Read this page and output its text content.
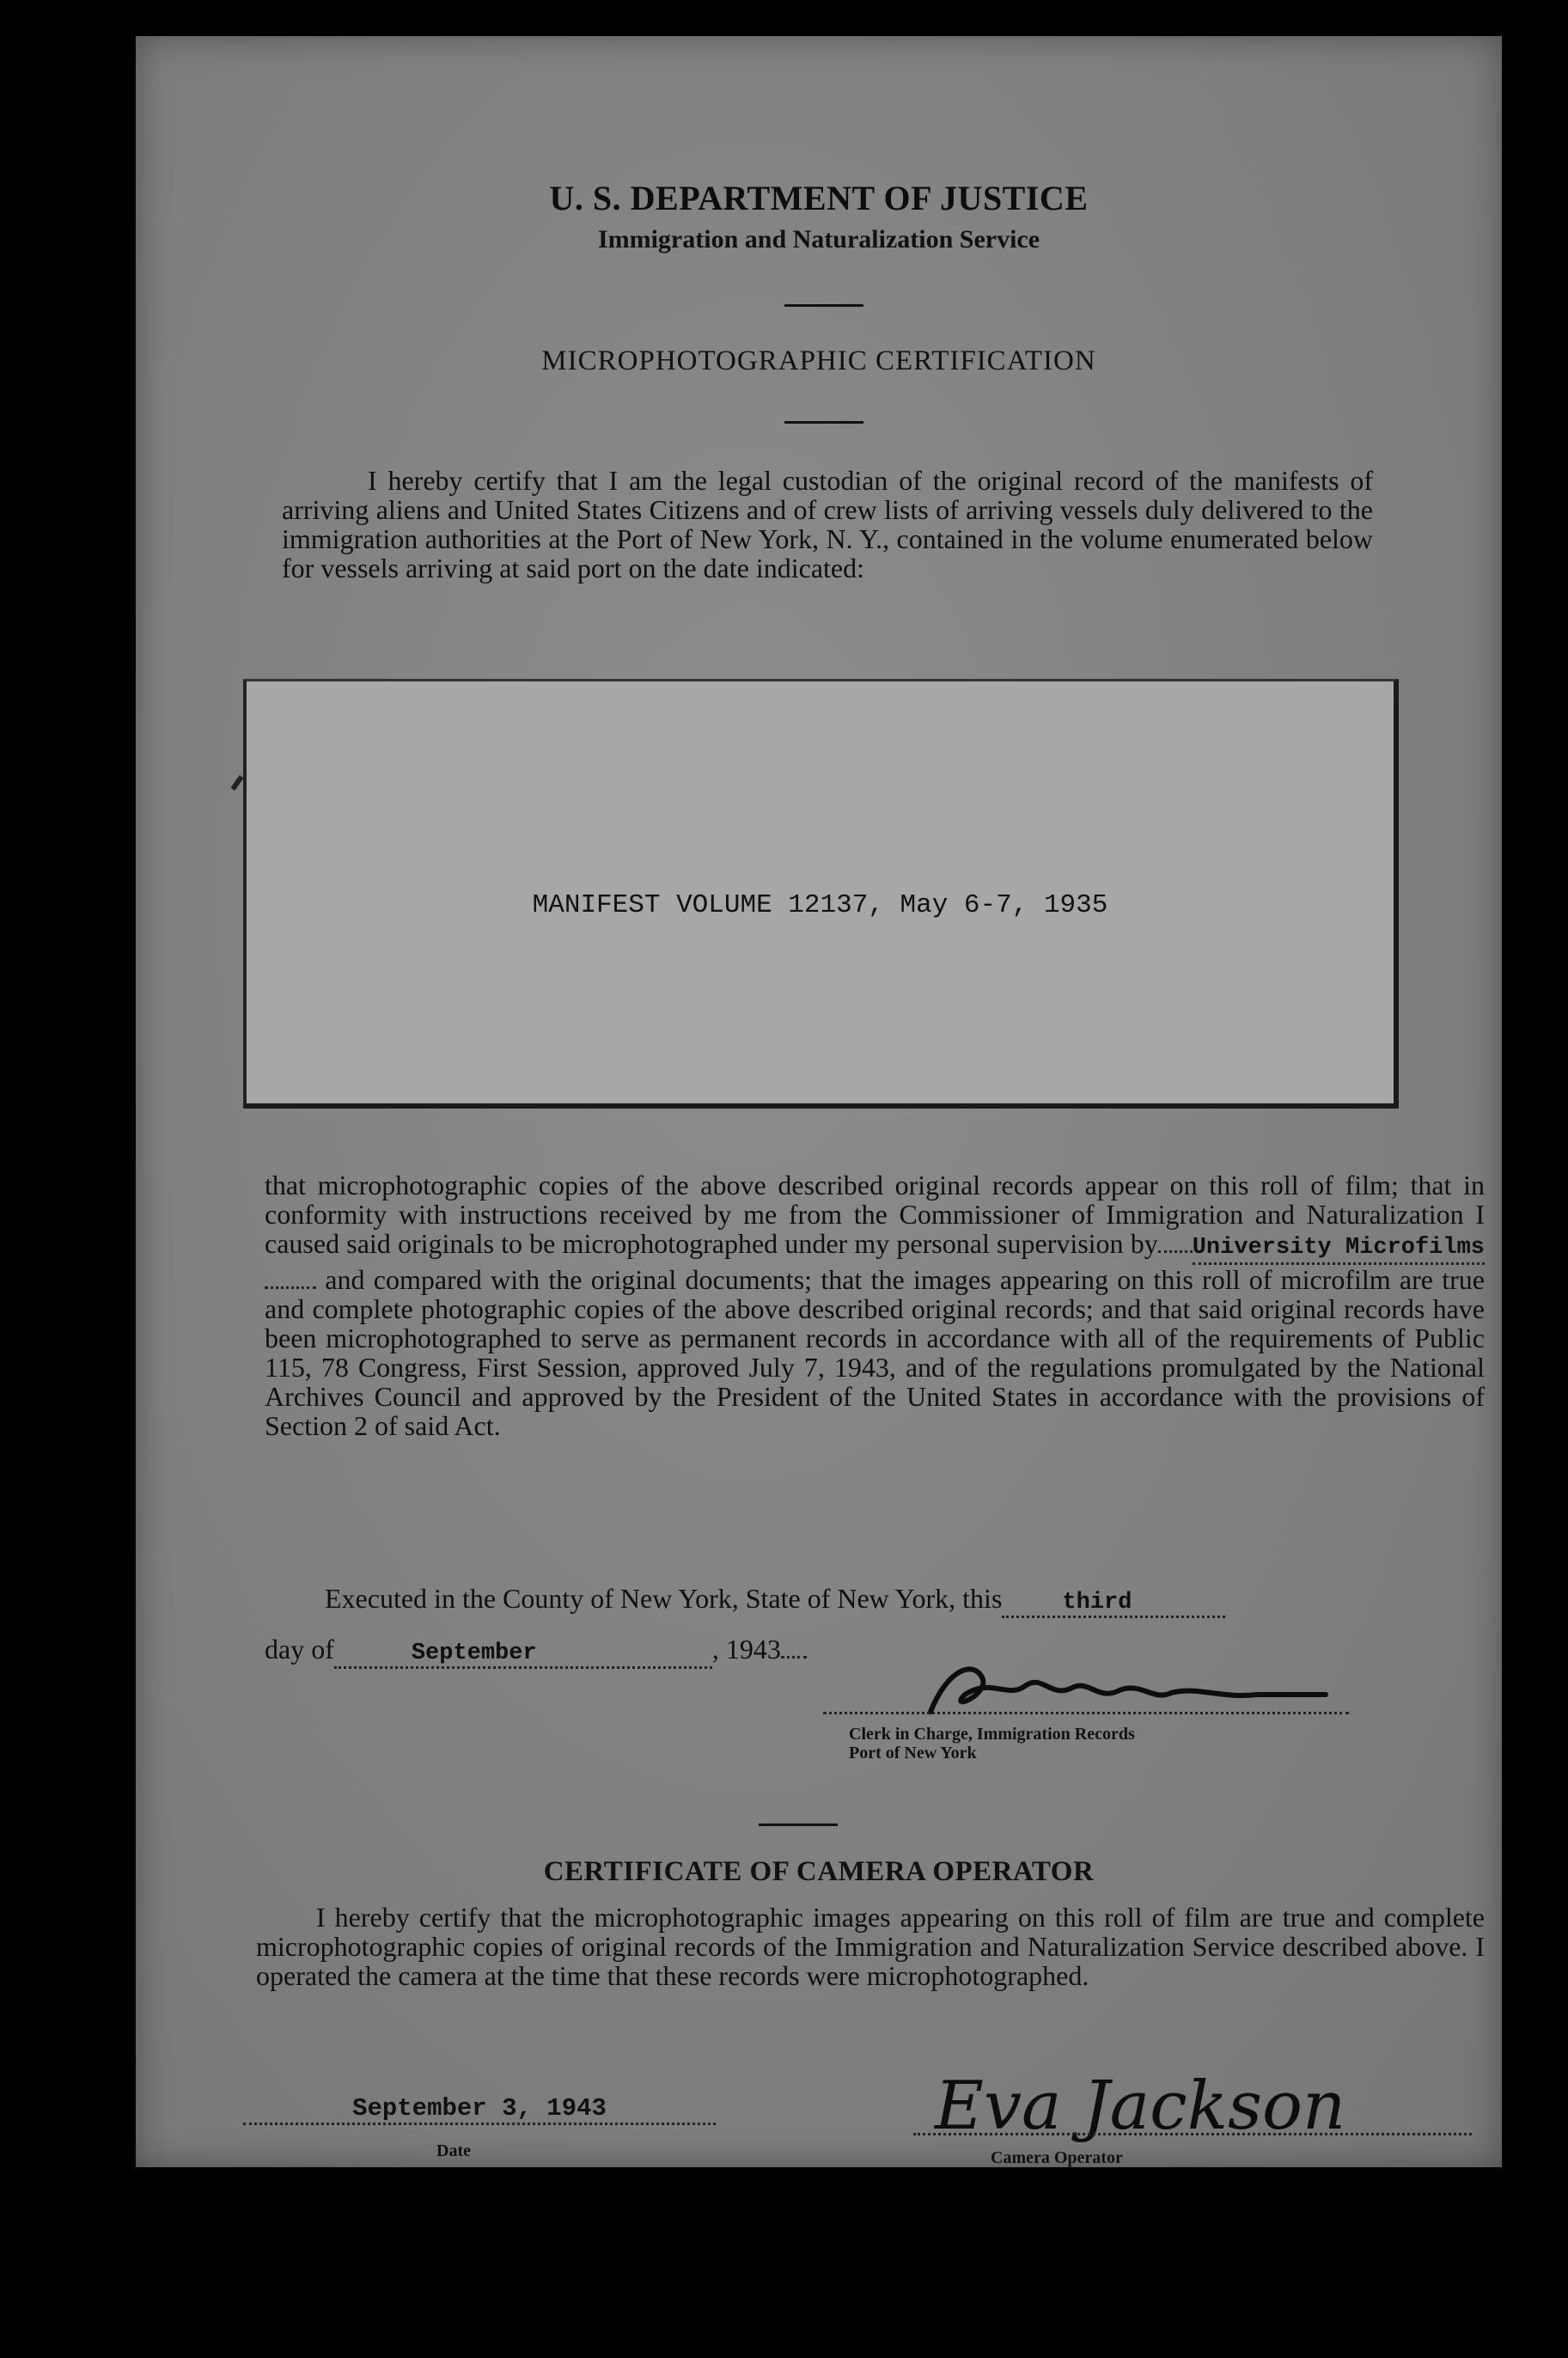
U. S. DEPARTMENT OF JUSTICE
Immigration and Naturalization Service
MICROPHOTOGRAPHIC CERTIFICATION
I hereby certify that I am the legal custodian of the original record of the manifests of arriving aliens and United States Citizens and of crew lists of arriving vessels duly delivered to the immigration authorities at the Port of New York, N. Y., contained in the volume enumerated below for vessels arriving at said port on the date indicated:
MANIFEST VOLUME 12137, May 6-7, 1935
that microphotographic copies of the above described original records appear on this roll of film; that in conformity with instructions received by me from the Commissioner of Immigration and Naturalization I caused said originals to be microphotographed under my personal supervision by University Microfilms and compared with the original documents; that the images appearing on this roll of microfilm are true and complete photographic copies of the above described original records; and that said original records have been microphotographed to serve as permanent records in accordance with all of the requirements of Public 115, 78 Congress, First Session, approved July 7, 1943, and of the regulations promulgated by the National Archives Council and approved by the President of the United States in accordance with the provisions of Section 2 of said Act.
Executed in the County of New York, State of New York, this	third
day of	September	, 1943
Clerk in Charge, Immigration Records
Port of New York
CERTIFICATE OF CAMERA OPERATOR
I hereby certify that the microphotographic images appearing on this roll of film are true and complete microphotographic copies of original records of the Immigration and Naturalization Service described above. I operated the camera at the time that these records were microphotographed.
September 3, 1943
Date
Eva Jackson
Camera Operator
